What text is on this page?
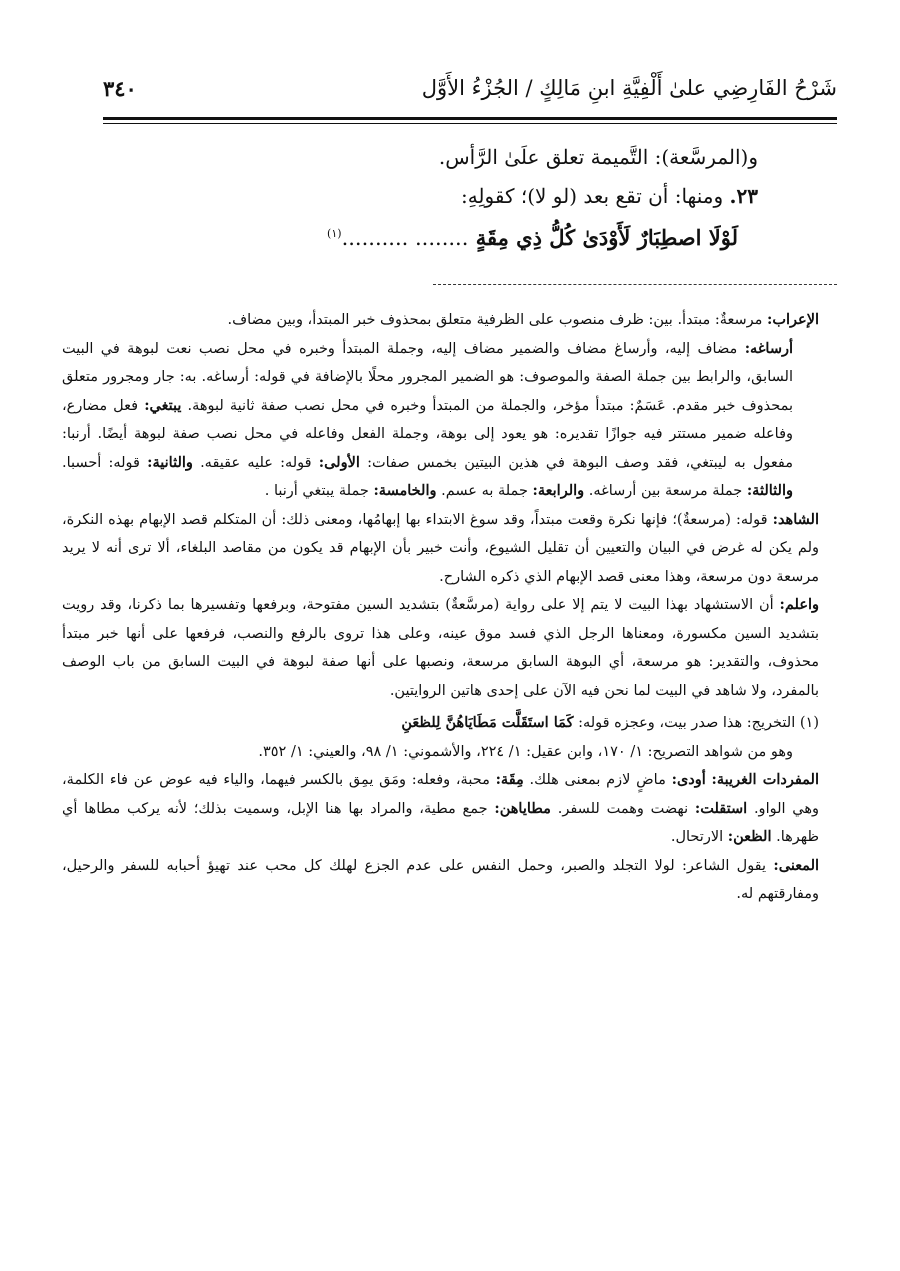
شَرْحُ الفَارِضِي علىٰ أَلْفِيَّةِ ابنِ مَالِكٍ / الجُزْءُ الأَوَّل
٣٤٠
و(المرسَّعة): التَّميمة تعلق علَىٰ الرَّأس.
٢٣. ومنها: أن تقع بعد (لو لا)؛ كقولِهِ:
لَوْلَا اصطِبَارٌ لَأَوْدَىٰ كُلُّ ذِي مِقَةٍ ........ ..........$^{(١)}$

الإعراب: مرسعةٌ: مبتدأ. بين: ظرف منصوب على الظرفية متعلق بمحذوف خبر المبتدأ، وبين مضاف.

أرساغه: مضاف إليه، وأرساغ مضاف والضمير مضاف إليه، وجملة المبتدأ وخبره في محل نصب نعت لبوهة في البيت السابق، والرابط بين جملة الصفة والموصوف: هو الضمير المجرور محلًا بالإضافة في قوله: أرساغه. به: جار ومجرور متعلق بمحذوف خبر مقدم. عَسَمٌ: مبتدأ مؤخر، والجملة من المبتدأ وخبره في محل نصب صفة ثانية لبوهة. يبتغي: فعل مضارع، وفاعله ضمير مستتر فيه جوازًا تقديره: هو يعود إلى بوهة، وجملة الفعل وفاعله في محل نصب صفة لبوهة أيضًا. أرنبا: مفعول به ليبتغي، فقد وصف البوهة في هذين البيتين بخمس صفات: الأولى: قوله: عليه عقيقه. والثانية: قوله: أحسبا. والثالثة: جملة مرسعة بين أرساغه. والرابعة: جملة به عسم. والخامسة: جملة يبتغي أرنبا .

الشاهد: قوله: (مرسعةٌ)؛ فإنها نكرة وقعت مبتداً، وقد سوغ الابتداء بها إبهامُها، ومعنى ذلك: أن المتكلم قصد الإبهام بهذه النكرة، ولم يكن له غرض في البيان والتعيين أن تقليل الشيوع، وأنت خبير بأن الإبهام قد يكون من مقاصد البلغاء، ألا ترى أنه لا يريد مرسعة دون مرسعة، وهذا معنى قصد الإبهام الذي ذكره الشارح.

واعلم: أن الاستشهاد بهذا البيت لا يتم إلا على رواية (مرسَّعةٌ) بتشديد السين مفتوحة، وبرفعها وتفسيرها بما ذكرنا، وقد رويت بتشديد السين مكسورة، ومعناها الرجل الذي فسد موق عينه، وعلى هذا تروى بالرفع والنصب، فرفعها على أنها خبر مبتدأ محذوف، والتقدير: هو مرسعة، أي البوهة السابق مرسعة، ونصبها على أنها صفة لبوهة في البيت السابق من باب الوصف بالمفرد، ولا شاهد في البيت لما نحن فيه الآن على إحدى هاتين الروايتين.

(١) التخريج: هذا صدر بيت، وعجزه قوله: كَمَا استَقَلَّت مَطَايَاهُنَّ لِلظعَنِ

وهو من شواهد التصريح: ١/ ١٧٠، وابن عقيل: ١/ ٢٢٤، والأشموني: ١/ ٩٨، والعيني: ١/ ٣٥٢.

المفردات الغريبة: أودى: ماضٍ لازم بمعنى هلك. مِقَة: محبة، وفعله: ومَق يمِق بالكسر فيهما، والياء فيه عوض عن فاء الكلمة، وهي الواو. استقلت: نهضت وهمت للسفر. مطاياهن: جمع مطية، والمراد بها هنا الإبل، وسميت بذلك؛ لأنه يركب مطاها أي ظهرها. الظعن: الارتحال.

المعنى: يقول الشاعر: لولا التجلد والصبر، وحمل النفس على عدم الجزع لهلك كل محب عند تهيؤ أحبابه للسفر والرحيل، ومفارقتهم له.
